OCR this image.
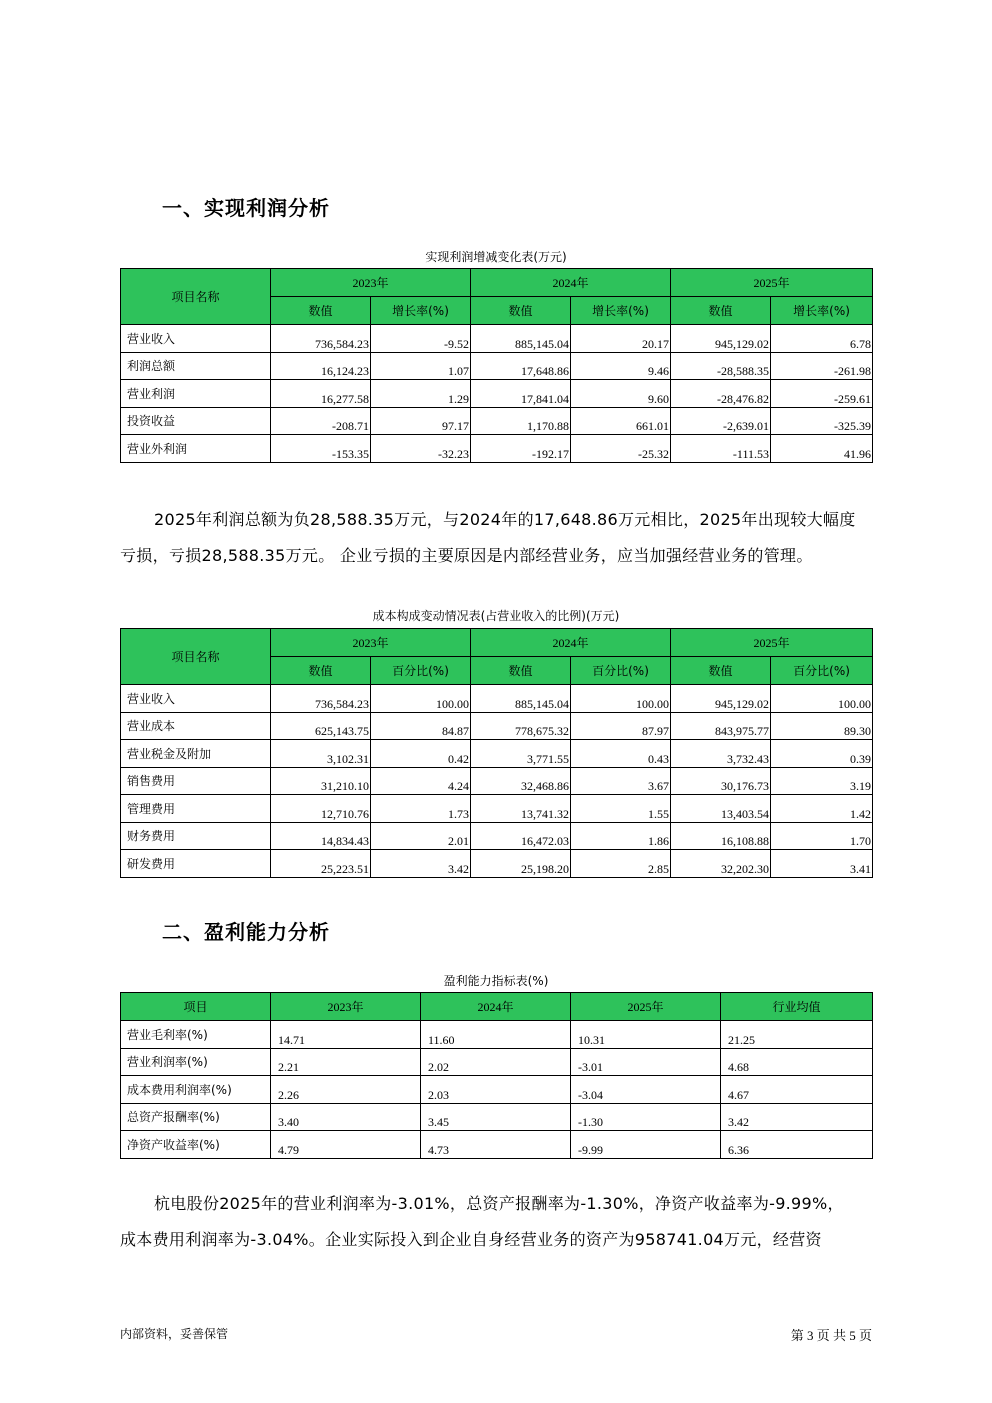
一、实现利润分析
实现利润增减变化表(万元)
项目名称	2023年		2024年		2025年	
	数值	增长率(%)	数值	增长率(%)	数值	增长率(%)
营业收入	736,584.23	-9.52	885,145.04	20.17	945,129.02	6.78
利润总额	16,124.23	1.07	17,648.86	9.46	-28,588.35	-261.98
营业利润	16,277.58	1.29	17,841.04	9.60	-28,476.82	-259.61
投资收益	-208.71	97.17	1,170.88	661.01	-2,639.01	-325.39
营业外利润	-153.35	-32.23	-192.17	-25.32	-111.53	41.96

2025年利润总额为负28,588.35万元，与2024年的17,648.86万元相比，2025年出现较大幅度

亏损，亏损28,588.35万元。 企业亏损的主要原因是内部经营业务，应当加强经营业务的管理。

成本构成变动情况表(占营业收入的比例)(万元)
项目名称	2023年		2024年		2025年	
	数值	百分比(%)	数值	百分比(%)	数值	百分比(%)
营业收入	736,584.23	100.00	885,145.04	100.00	945,129.02	100.00
营业成本	625,143.75	84.87	778,675.32	87.97	843,975.77	89.30
营业税金及附加	3,102.31	0.42	3,771.55	0.43	3,732.43	0.39
销售费用	31,210.10	4.24	32,468.86	3.67	30,176.73	3.19
管理费用	12,710.76	1.73	13,741.32	1.55	13,403.54	1.42
财务费用	14,834.43	2.01	16,472.03	1.86	16,108.88	1.70
研发费用	25,223.51	3.42	25,198.20	2.85	32,202.30	3.41
二、盈利能力分析
盈利能力指标表(%)
项目	2023年	2024年	2025年	行业均值
营业毛利率(%)	14.71	11.60	10.31	21.25
营业利润率(%)	2.21	2.02	-3.01	4.68
成本费用利润率(%)	2.26	2.03	-3.04	4.67
总资产报酬率(%)	3.40	3.45	-1.30	3.42
净资产收益率(%)	4.79	4.73	-9.99	6.36

杭电股份2025年的营业利润率为-3.01%，总资产报酬率为-1.30%，净资产收益率为-9.99%，

成本费用利润率为-3.04%。企业实际投入到企业自身经营业务的资产为958741.04万元，经营资

内部资料，妥善保管	第 3 页 共 5 页
